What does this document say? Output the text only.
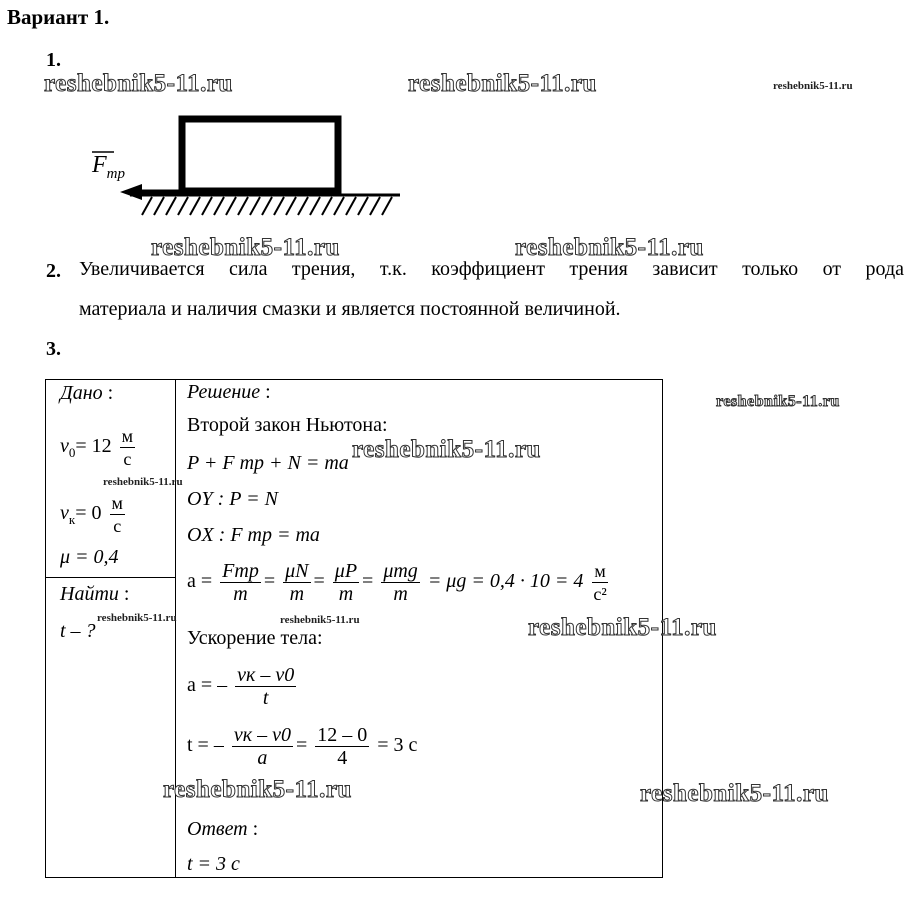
Вариант 1.
1.
reshebnik5-11.ru	reshebnik5-11.ru	reshebnik5-11.ru
$F_{тр}$
reshebnik5-11.ru	reshebnik5-11.ru
2. Увеличивается сила трения, т.к. коэффициент трения зависит только от рода
материала и наличия смазки и является постоянной величиной.
3.
Дано :
$v_0= 12 \frac{м}{с}$
reshebnik5-11.ru
$v_к= 0 \frac{м}{с}$
μ = 0,4
Найти :
t – ?
reshebnik5-11.ru
Решение :
Второй закон Ньютона:
P + F тр + N = ma reshebnik5-11.ru
reshebnik5-11.ru
OY : P = N
OX : F тр = ma
$a = \frac{\text{Fтр}}{m} = \frac{\mu N}{m} = \frac{\mu P}{m} = \frac{\text{μmg}}{m} = \mu g = 0,4 \cdot 10 = 4 \frac{м}{\text{с²}}$
reshebnik5-11.ru	reshebnik5-11.ru
Ускорение тела:
a = – $\frac{vк - v0}{t}$
t = – $\frac{vк - v0}{a} = \frac{12 - 0}{4} = 3$ с
reshebnik5-11.ru	reshebnik5-11.ru
Ответ :
t = 3 с
